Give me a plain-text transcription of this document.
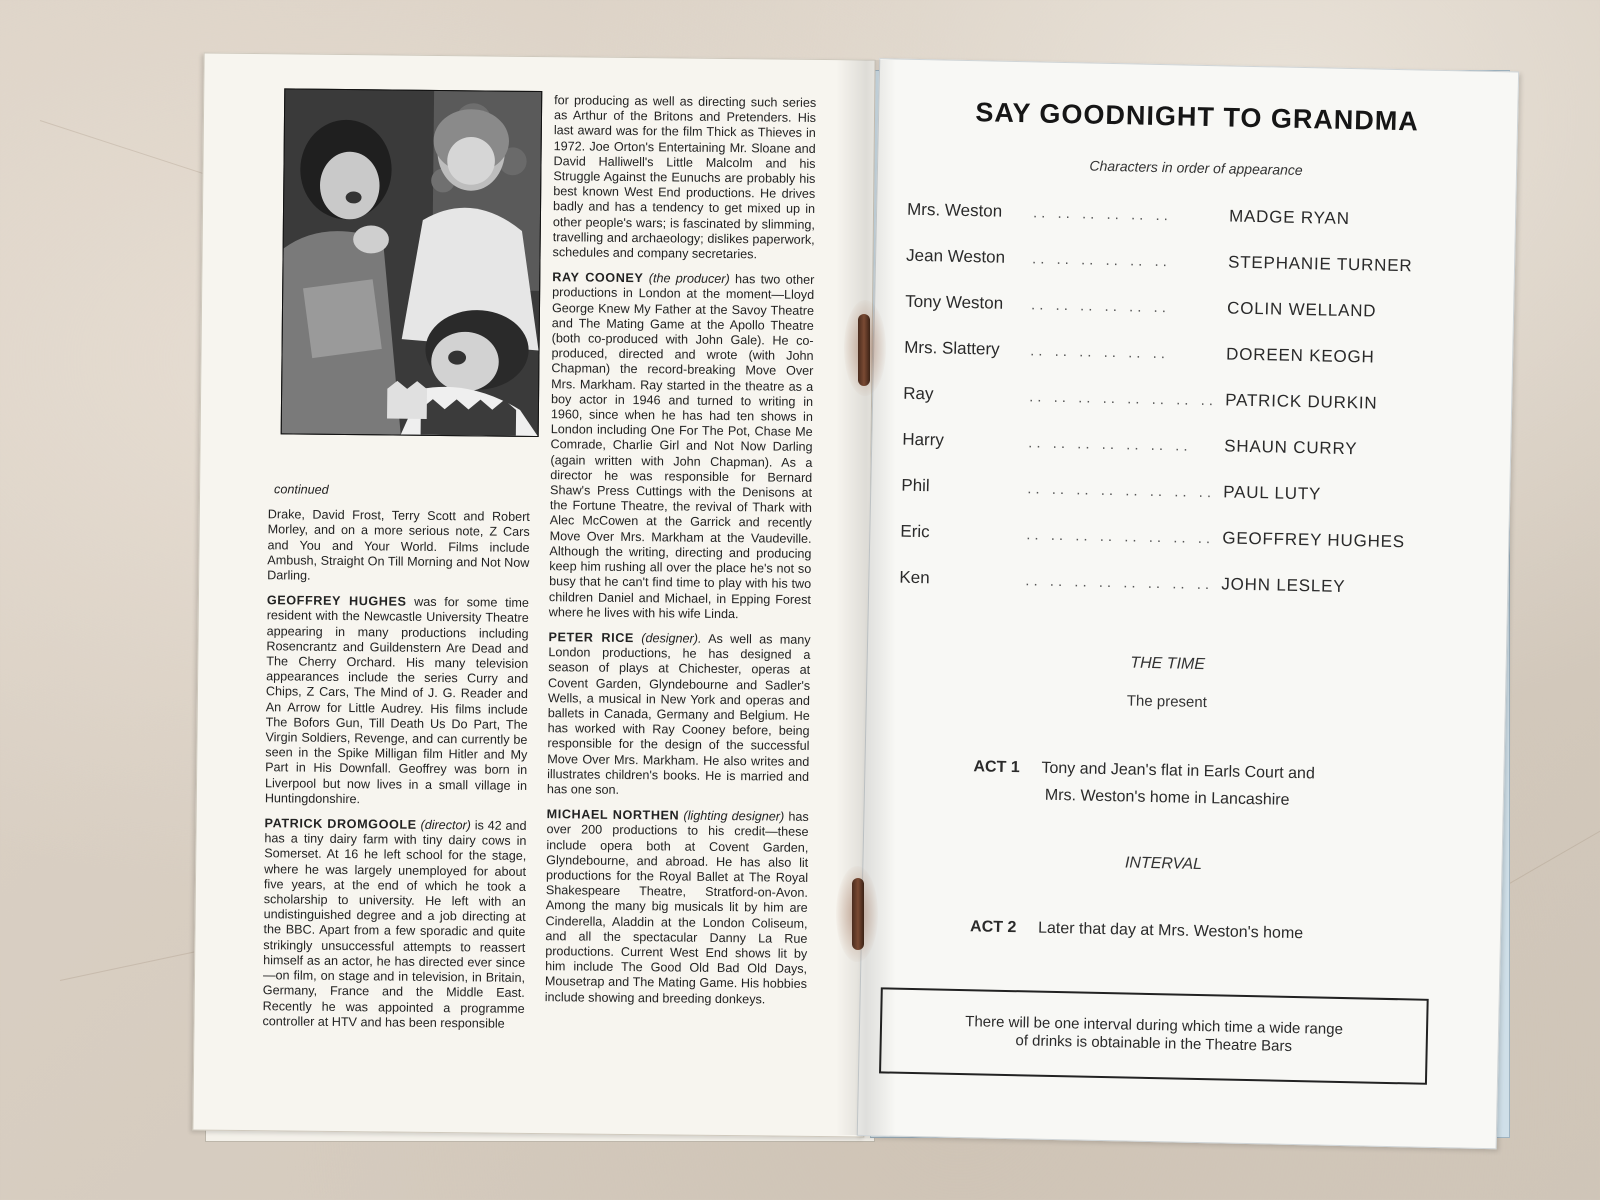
continued

Drake, David Frost, Terry Scott and Robert Morley, and on a more serious note, Z Cars and You and Your World. Films include Ambush, Straight On Till Morning and Not Now Darling.

GEOFFREY HUGHES was for some time resident with the Newcastle University Theatre appearing in many productions including Rosencrantz and Guildenstern Are Dead and The Cherry Orchard. His many television appearances include the series Curry and Chips, Z Cars, The Mind of J. G. Reader and An Arrow for Little Audrey. His films include The Bofors Gun, Till Death Us Do Part, The Virgin Soldiers, Revenge, and can currently be seen in the Spike Milligan film Hitler and My Part in His Downfall. Geoffrey was born in Liverpool but now lives in a small village in Huntingdonshire.

PATRICK DROMGOOLE (director) is 42 and has a tiny dairy farm with tiny dairy cows in Somerset. At 16 he left school for the stage, where he was largely unemployed for about five years, at the end of which he took a scholarship to university. He left with an undistinguished degree and a job directing at the BBC. Apart from a few sporadic and quite strikingly unsuccessful attempts to reassert himself as an actor, he has directed ever since—on film, on stage and in television, in Britain, Germany, France and the Middle East. Recently he was appointed a programme controller at HTV and has been responsible

for producing as well as directing such series as Arthur of the Britons and Pretenders. His last award was for the film Thick as Thieves in 1972. Joe Orton's Entertaining Mr. Sloane and David Halliwell's Little Malcolm and his Struggle Against the Eunuchs are probably his best known West End productions. He drives badly and has a tendency to get mixed up in other people's wars; is fascinated by slimming, travelling and archaeology; dislikes paperwork, schedules and company secretaries.

RAY COONEY (the producer) has two other productions in London at the moment—Lloyd George Knew My Father at the Savoy Theatre and The Mating Game at the Apollo Theatre (both co-produced with John Gale). He co-produced, directed and wrote (with John Chapman) the record-breaking Move Over Mrs. Markham. Ray started in the theatre as a boy actor in 1946 and turned to writing in 1960, since when he has had ten shows in London including One For The Pot, Chase Me Comrade, Charlie Girl and Not Now Darling (again written with John Chapman). As a director he was responsible for Bernard Shaw's Press Cuttings with the Denisons at the Fortune Theatre, the revival of Thark with Alec McCowen at the Garrick and recently Move Over Mrs. Markham at the Vaudeville. Although the writing, directing and producing keep him rushing all over the place he's not so busy that he can't find time to play with his two children Daniel and Michael, in Epping Forest where he lives with his wife Linda.

PETER RICE (designer). As well as many London productions, he has designed a season of plays at Chichester, operas at Covent Garden, Glyndebourne and Sadler's Wells, a musical in New York and operas and ballets in Canada, Germany and Belgium. He has worked with Ray Cooney before, being responsible for the design of the successful Move Over Mrs. Markham. He also writes and illustrates children's books. He is married and has one son.

MICHAEL NORTHEN (lighting designer) has over 200 productions to his credit—these include opera both at Covent Garden, Glyndebourne, and abroad. He has also lit productions for the Royal Ballet at The Royal Shakespeare Theatre, Stratford-on-Avon. Among the many big musicals lit by him are Cinderella, Aladdin at the London Coliseum, and all the spectacular Danny La Rue productions. Current West End shows lit by him include The Good Old Bad Old Days, Mousetrap and The Mating Game. His hobbies include showing and breeding donkeys.

SAY GOODNIGHT TO GRANDMA
Characters in order of appearance
Mrs. Weston	.. .. .. .. .. ..	MADGE RYAN
Jean Weston	.. .. .. .. .. ..	STEPHANIE TURNER
Tony Weston	.. .. .. .. .. ..	COLIN WELLAND
Mrs. Slattery	.. .. .. .. .. ..	DOREEN KEOGH
Ray	.. .. .. .. .. .. .. .. PATRICK DURKIN
Harry	.. .. .. .. .. .. ..	SHAUN CURRY
Phil	.. .. .. .. .. .. .. .. PAUL LUTY
Eric	.. .. .. .. .. .. .. .. GEOFFREY HUGHES
Ken	.. .. .. .. .. .. .. .. JOHN LESLEY
THE TIME
The present
ACT 1 Tony and Jean's flat in Earls Court and
Mrs. Weston's home in Lancashire
INTERVAL
ACT 2 Later that day at Mrs. Weston's home
There will be one interval during which time a wide range
of drinks is obtainable in the Theatre Bars
